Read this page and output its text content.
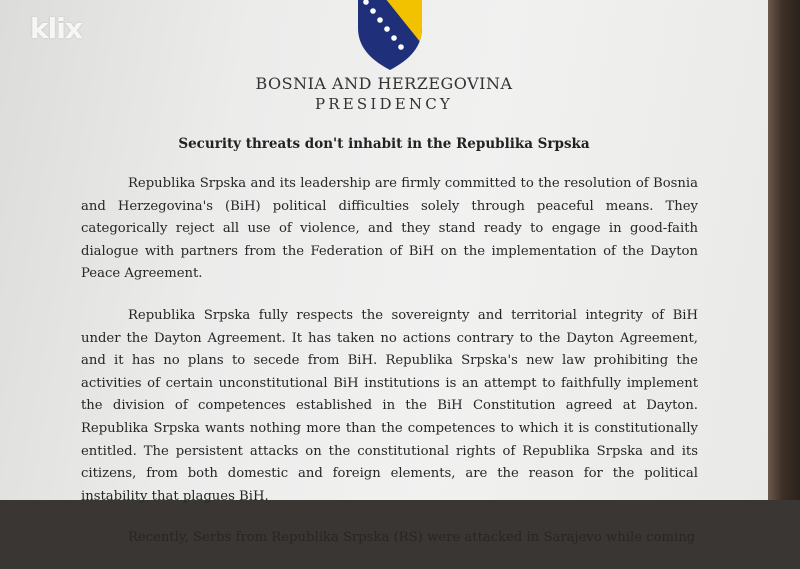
klix
BOSNIA AND HERZEGOVINA
PRESIDENCY
Security threats don't inhabit in the Republika Srpska

Republika Srpska and its leadership are firmly committed to the resolution of Bosnia and Herzegovina's (BiH) political difficulties solely through peaceful means. They categorically reject all use of violence, and they stand ready to engage in good-faith dialogue with partners from the Federation of BiH on the implementation of the Dayton Peace Agreement.

Republika Srpska fully respects the sovereignty and territorial integrity of BiH under the Dayton Agreement. It has taken no actions contrary to the Dayton Agreement, and it has no plans to secede from BiH. Republika Srpska's new law prohibiting the activities of certain unconstitutional BiH institutions is an attempt to faithfully implement the division of competences established in the BiH Constitution agreed at Dayton. Republika Srpska wants nothing more than the competences to which it is constitutionally entitled. The persistent attacks on the constitutional rights of Republika Srpska and its citizens, from both domestic and foreign elements, are the reason for the political instability that plagues BiH.

Recently, Serbs from Republika Srpska (RS) were attacked in Sarajevo while coming
